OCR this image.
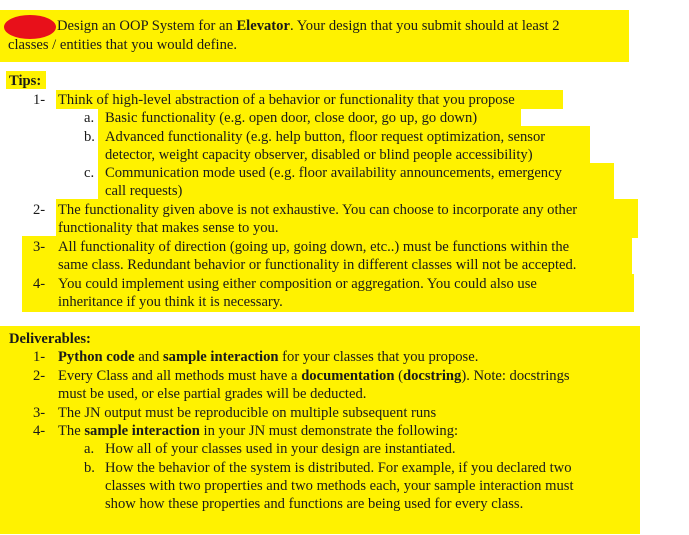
Design an OOP System for an Elevator. Your design that you submit should at least 2
classes / entities that you would define.
Tips:
1- Think of high-level abstraction of a behavior or functionality that you propose
a. Basic functionality (e.g. open door, close door, go up, go down)
b. Advanced functionality (e.g. help button, floor request optimization, sensor
detector, weight capacity observer, disabled or blind people accessibility)
c. Communication mode used (e.g. floor availability announcements, emergency
call requests)
2- The functionality given above is not exhaustive. You can choose to incorporate any other
functionality that makes sense to you.
3- All functionality of direction (going up, going down, etc..) must be functions within the
same class. Redundant behavior or functionality in different classes will not be accepted.
4- You could implement using either composition or aggregation. You could also use
inheritance if you think it is necessary.
Deliverables:
1- Python code and sample interaction for your classes that you propose.
2- Every Class and all methods must have a documentation (docstring). Note: docstrings
must be used, or else partial grades will be deducted.
3- The JN output must be reproducible on multiple subsequent runs
4- The sample interaction in your JN must demonstrate the following:
a. How all of your classes used in your design are instantiated.
b. How the behavior of the system is distributed. For example, if you declared two
classes with two properties and two methods each, your sample interaction must
show how these properties and functions are being used for every class.
